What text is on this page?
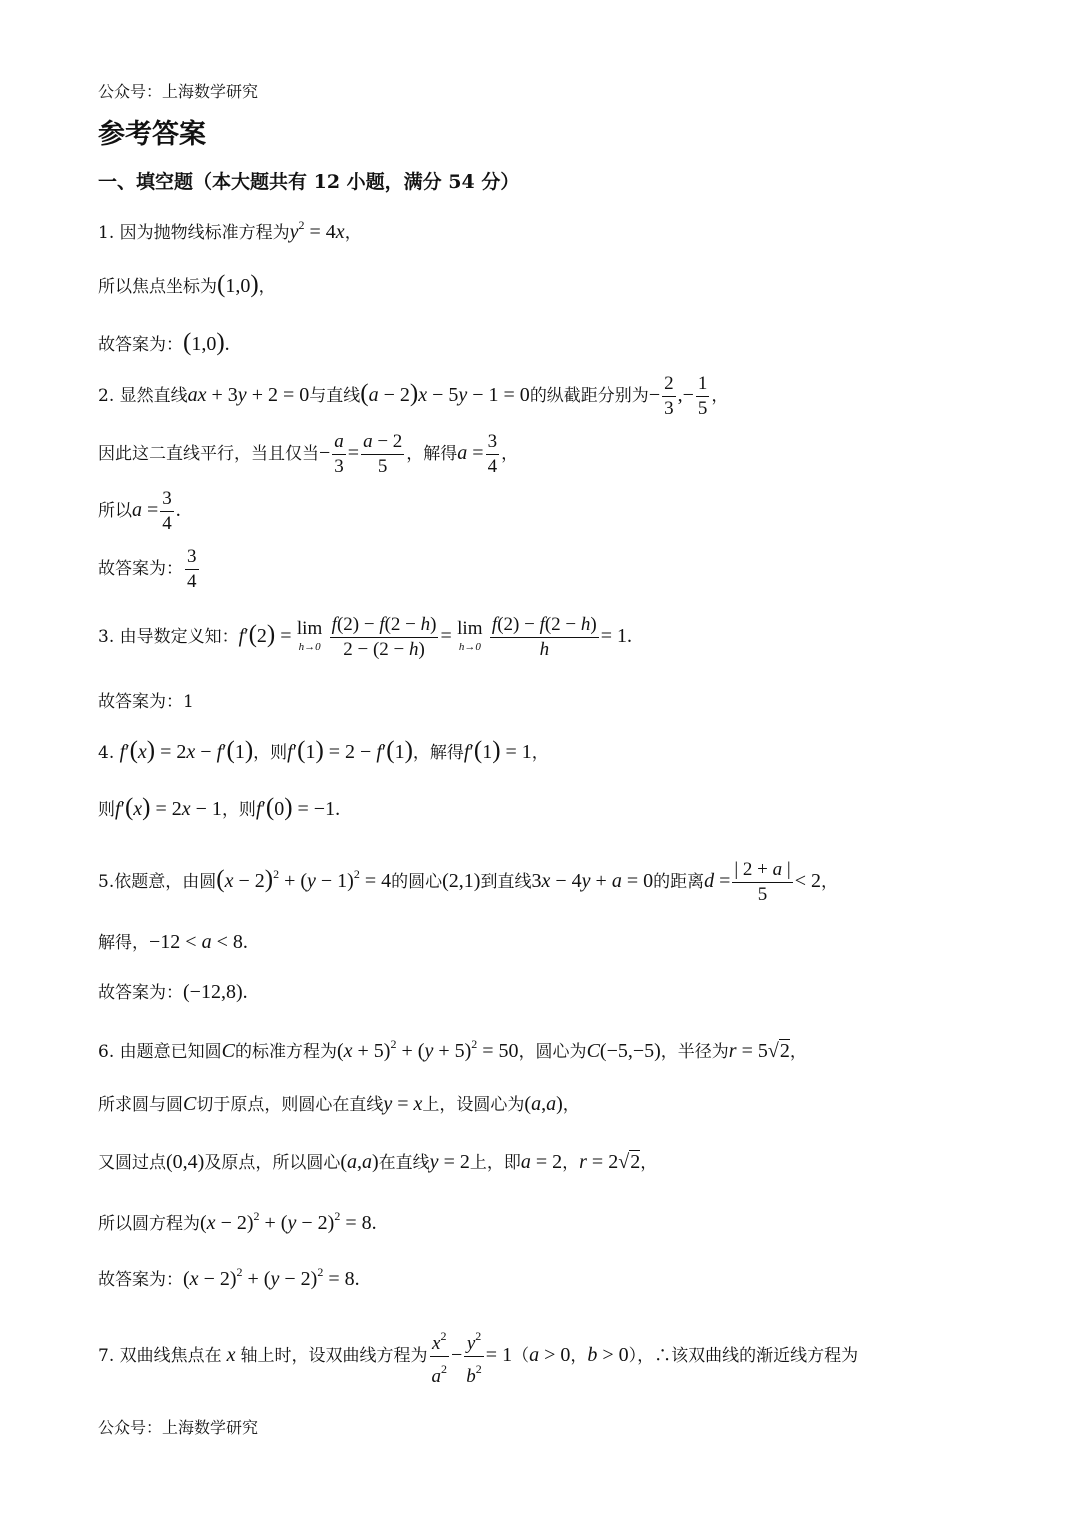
公众号：上海数学研究
参考答案
一、填空题（本大题共有 12 小题，满分 54 分）
1. 因为抛物线标准方程为$y^2 = 4x$，
所以焦点坐标为(1,0)，
故答案为：(1,0).
2. 显然直线ax + 3y + 2 = 0与直线(a − 2)x − 5y − 1 = 0的纵截距分别为− $\frac{2}{3}$ ,− $\frac{1}{5}$ ，
因此这二直线平行，当且仅当− $\frac{a}{3} = \frac{a - 2}{5}$ ，解得$a = \frac{3}{4}$ ，
所以$a = \frac{3}{4}$ .
故答案为： $\frac{3}{4}$
3. 由导数定义知：f′(2) = lim
h→0
$\frac{f(2) - f(2 - h)}{2 - (2 - h)} = \lim$
h→0
$\frac{f(2) - f(2 - h)}{h} = 1$.
故答案为：1
4. f′(x) = 2x − f′(1)，则f′(1) = 2 − f′(1)，解得f′(1) = 1，
则f′(x) = 2x − 1，则f′(0) = −1.
5.依题意，由圆$(x - 2)^2 + (y - 1)^2 = 4$的圆心(2,1)到直线3x − 4y + a = 0的距离$d = \frac{| 2 + a |}{5} < 2$，
解得，−12 < a < 8.
故答案为：(−12,8).
6. 由题意已知圆C的标准方程为$(x + 5)^2 + (y + 5)^2 = 50$，圆心为C(−5,−5)，半径为r = 5√2，
所求圆与圆C切于原点，则圆心在直线y = x上，设圆心为(a,a)，
又圆过点(0,4)及原点，所以圆心(a,a)在直线y = 2上，即a = 2，r = 2√2，
所以圆方程为$(x - 2)^2 + (y - 2)^2 = 8$.
故答案为：$(x - 2)^2 + (y - 2)^2 = 8$.
7. 双曲线焦点在 x 轴上时，设双曲线方程为 $\frac{x^2}{a^2} - \frac{y^2}{b^2} = 1(a > 0$，b > 0），∴该双曲线的渐近线方程为
公众号：上海数学研究
